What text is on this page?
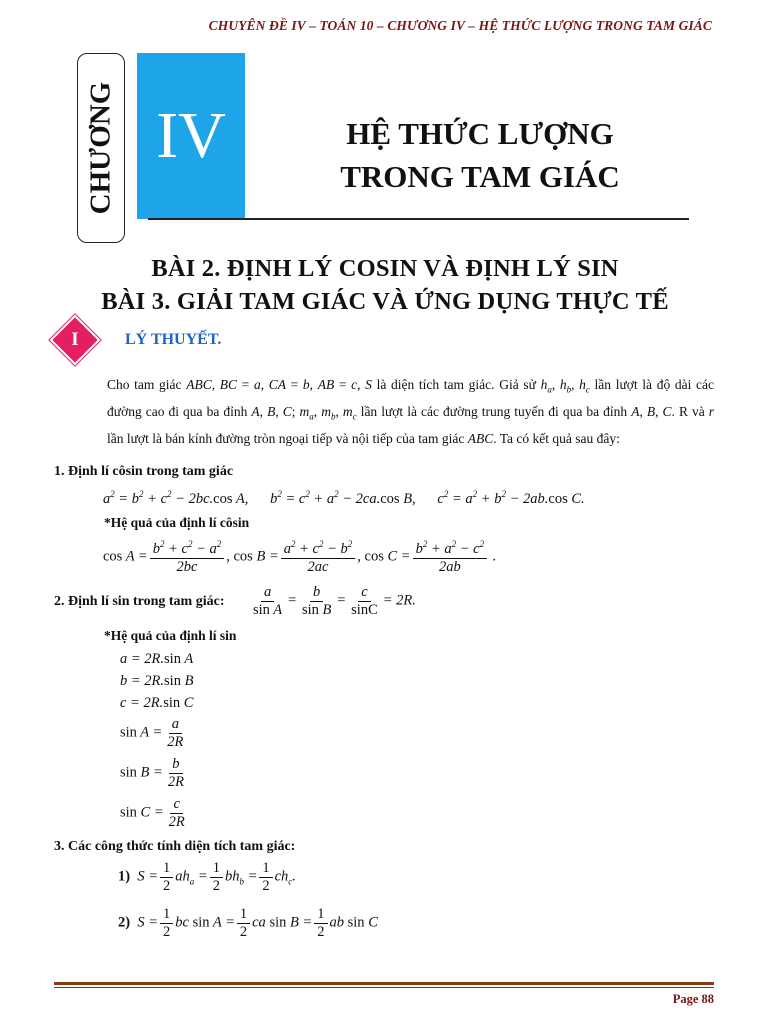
CHUYÊN ĐỀ IV – TOÁN 10 – CHƯƠNG IV – HỆ THỨC LƯỢNG TRONG TAM GIÁC
CHƯƠNG IV	HỆ THỨC LƯỢNG
TRONG TAM GIÁC
BÀI 2. ĐỊNH LÝ COSIN VÀ ĐỊNH LÝ SIN
BÀI 3. GIẢI TAM GIÁC VÀ ỨNG DỤNG THỰC TẾ
I	LÝ THUYẾT.
Cho tam giác ABC, BC = a, CA = b, AB = c, S là diện tích tam giác. Giả sử $h_a$, $h_b$, $h_c$ lần lượt là độ dài các đường cao đi qua ba đỉnh A, B, C; $m_a$, $m_b$, $m_c$ lần lượt là các đường trung tuyến đi qua ba đỉnh A, B, C. R và r lần lượt là bán kính đường tròn ngoại tiếp và nội tiếp của tam giác ABC. Ta có kết quả sau đây:
1. Định lí côsin trong tam giác
$a^2 = b^2 + c^2 - 2bc.\cos$ A,      $b^2 = c^2 + a^2 - 2ca.\cos$ B,      $c^2 = a^2 + b^2 - 2ab.\cos$ C.
*Hệ quả của định lí côsin
$\cos A = \frac{b^2 + c^2 - a^2}{2bc}$ , $\cos B = \frac{a^2 + c^2 - b^2}{2ac}$ , $\cos C = \frac{b^2 + a^2 - c^2}{2ab}$ .
2. Định lí sin trong tam giác: $\frac{a}{\text{sin A}} = \frac{b}{\text{sin B}} = \frac{c}{\sin C} = 2R$.
*Hệ quả của định lí sin
a = 2R.sin A
b = 2R.sin B
c = 2R.sin C
$\sin A = \frac{a}{2R}$
$\sin B = \frac{b}{2R}$
$\sin C = \frac{c}{2R}$
3. Các công thức tính diện tích tam giác:
1)  $S = \frac{1}{2} ah_a = \frac{1}{2} bh_b = \frac{1}{2} ch_c$.
2)  $S = \frac{1}{2}$ bc $\sin A = \frac{1}{2}$ ca $\sin B = \frac{1}{2}$ ab sin C
Page 88
